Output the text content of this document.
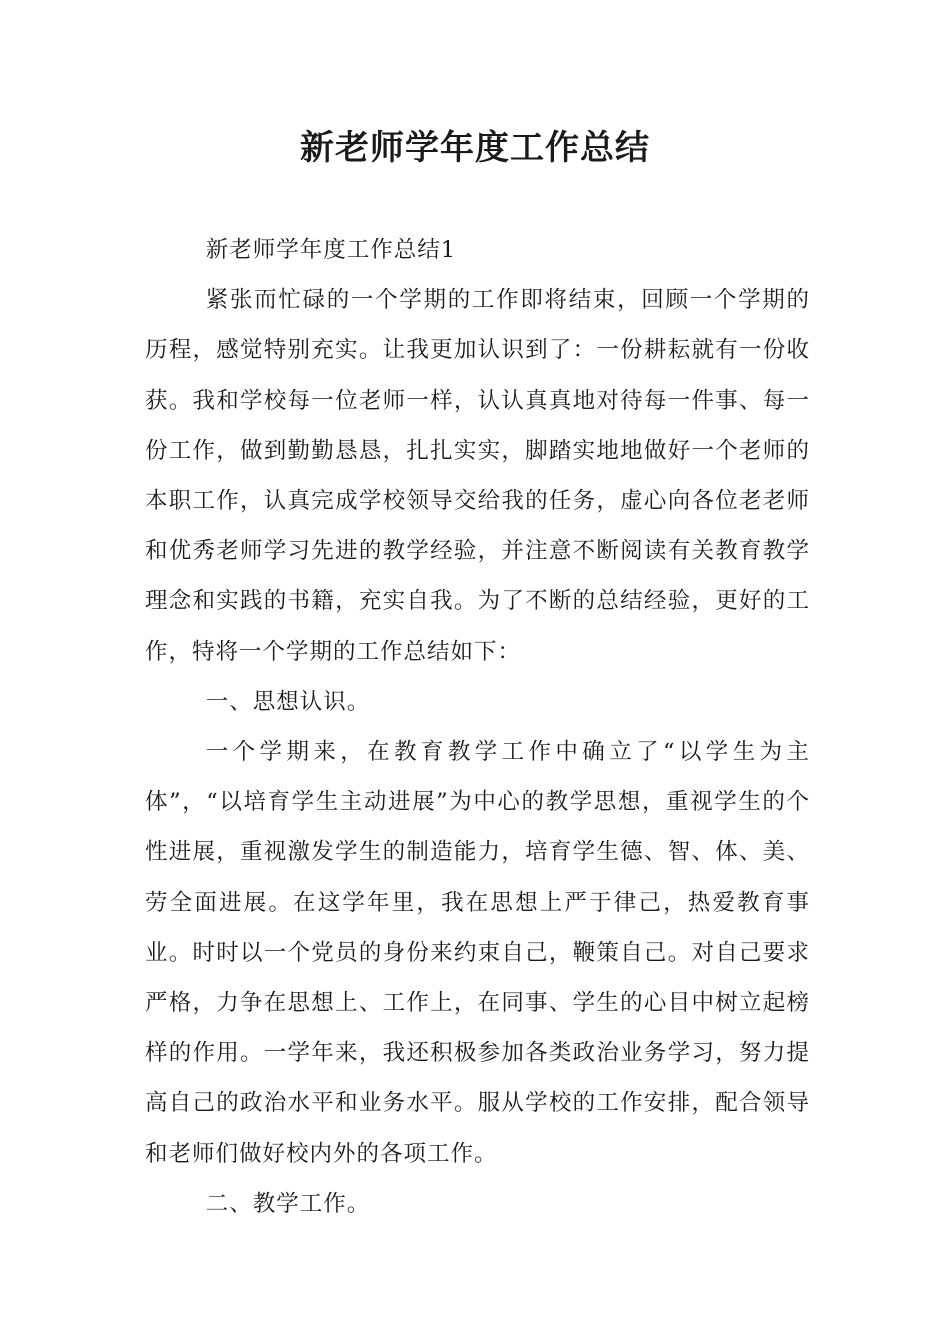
新老师学年度工作总结

新老师学年度工作总结1

紧张而忙碌的一个学期的工作即将结束，回顾一个学期的历程，感觉特别充实。让我更加认识到了：一份耕耘就有一份收获。我和学校每一位老师一样，认认真真地对待每一件事、每一份工作，做到勤勤恳恳，扎扎实实，脚踏实地地做好一个老师的本职工作，认真完成学校领导交给我的任务，虚心向各位老老师和优秀老师学习先进的教学经验，并注意不断阅读有关教育教学理念和实践的书籍，充实自我。为了不断的总结经验，更好的工作，特将一个学期的工作总结如下：

一、思想认识。

一个学期来，在教育教学工作中确立了“以学生为主体”，“以培育学生主动进展”为中心的教学思想，重视学生的个性进展，重视激发学生的制造能力，培育学生德、智、体、美、劳全面进展。在这学年里，我在思想上严于律己，热爱教育事业。时时以一个党员的身份来约束自己，鞭策自己。对自己要求严格，力争在思想上、工作上，在同事、学生的心目中树立起榜样的作用。一学年来，我还积极参加各类政治业务学习，努力提高自己的政治水平和业务水平。服从学校的工作安排，配合领导和老师们做好校内外的各项工作。

二、教学工作。
